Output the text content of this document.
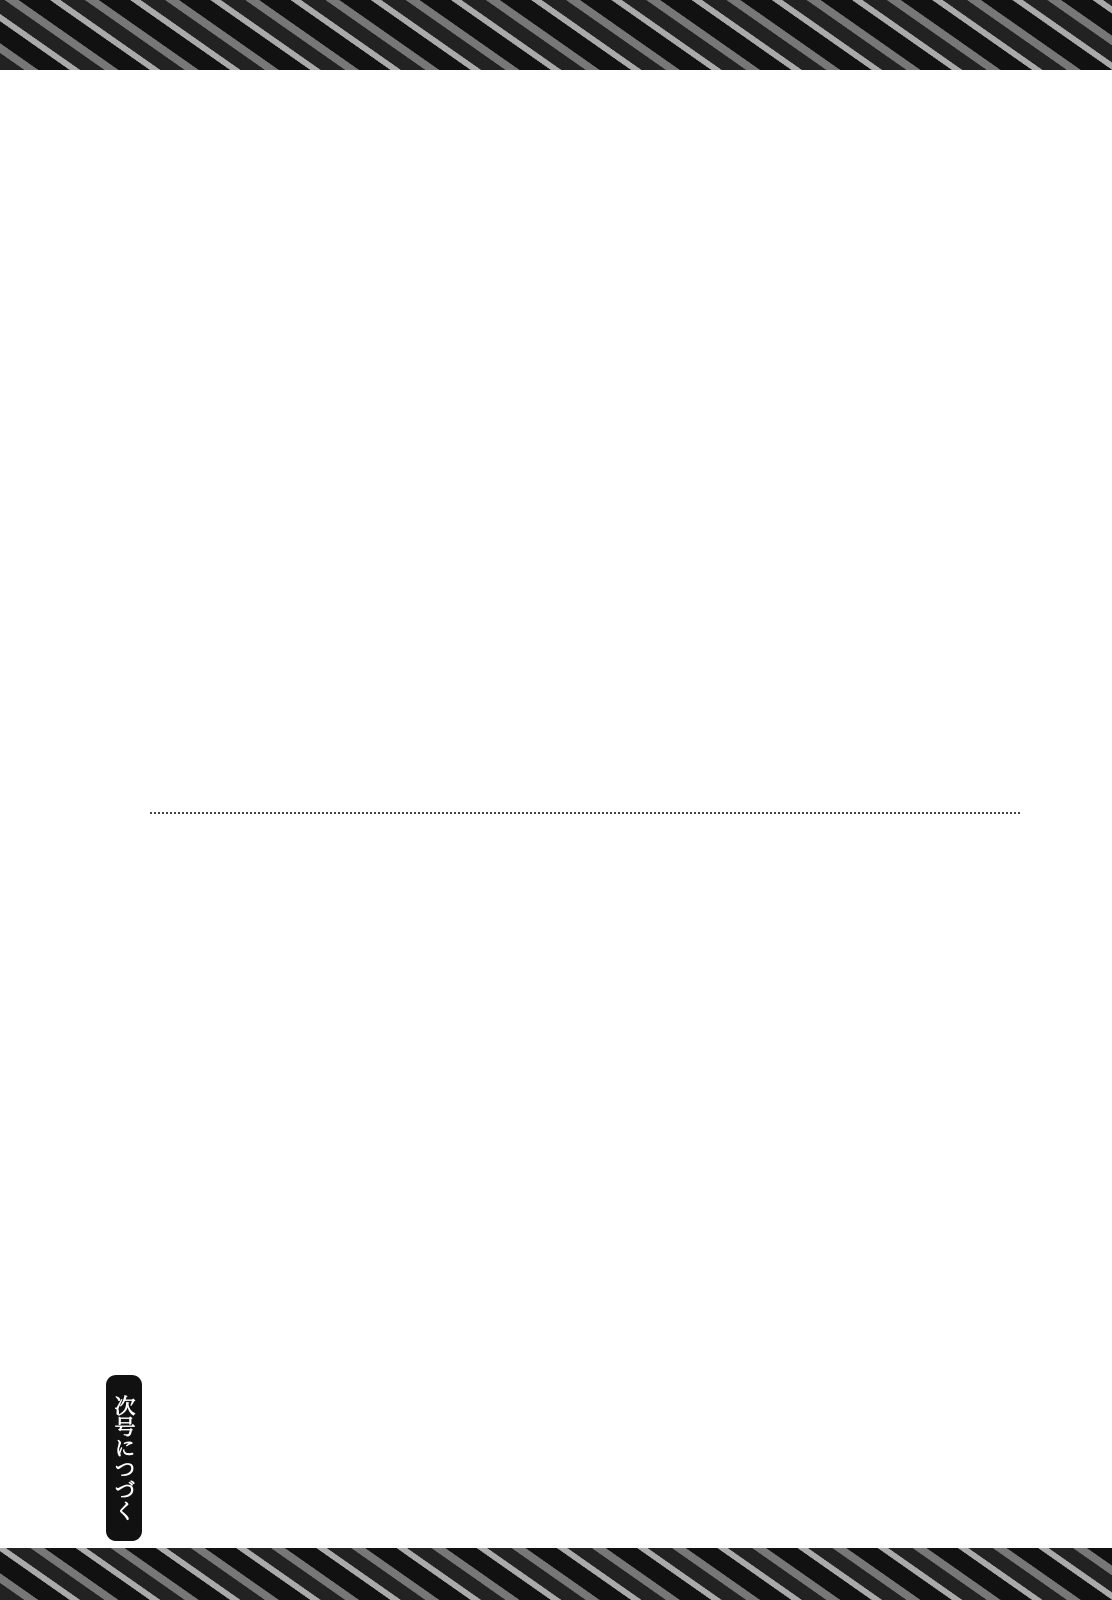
次号につづく
